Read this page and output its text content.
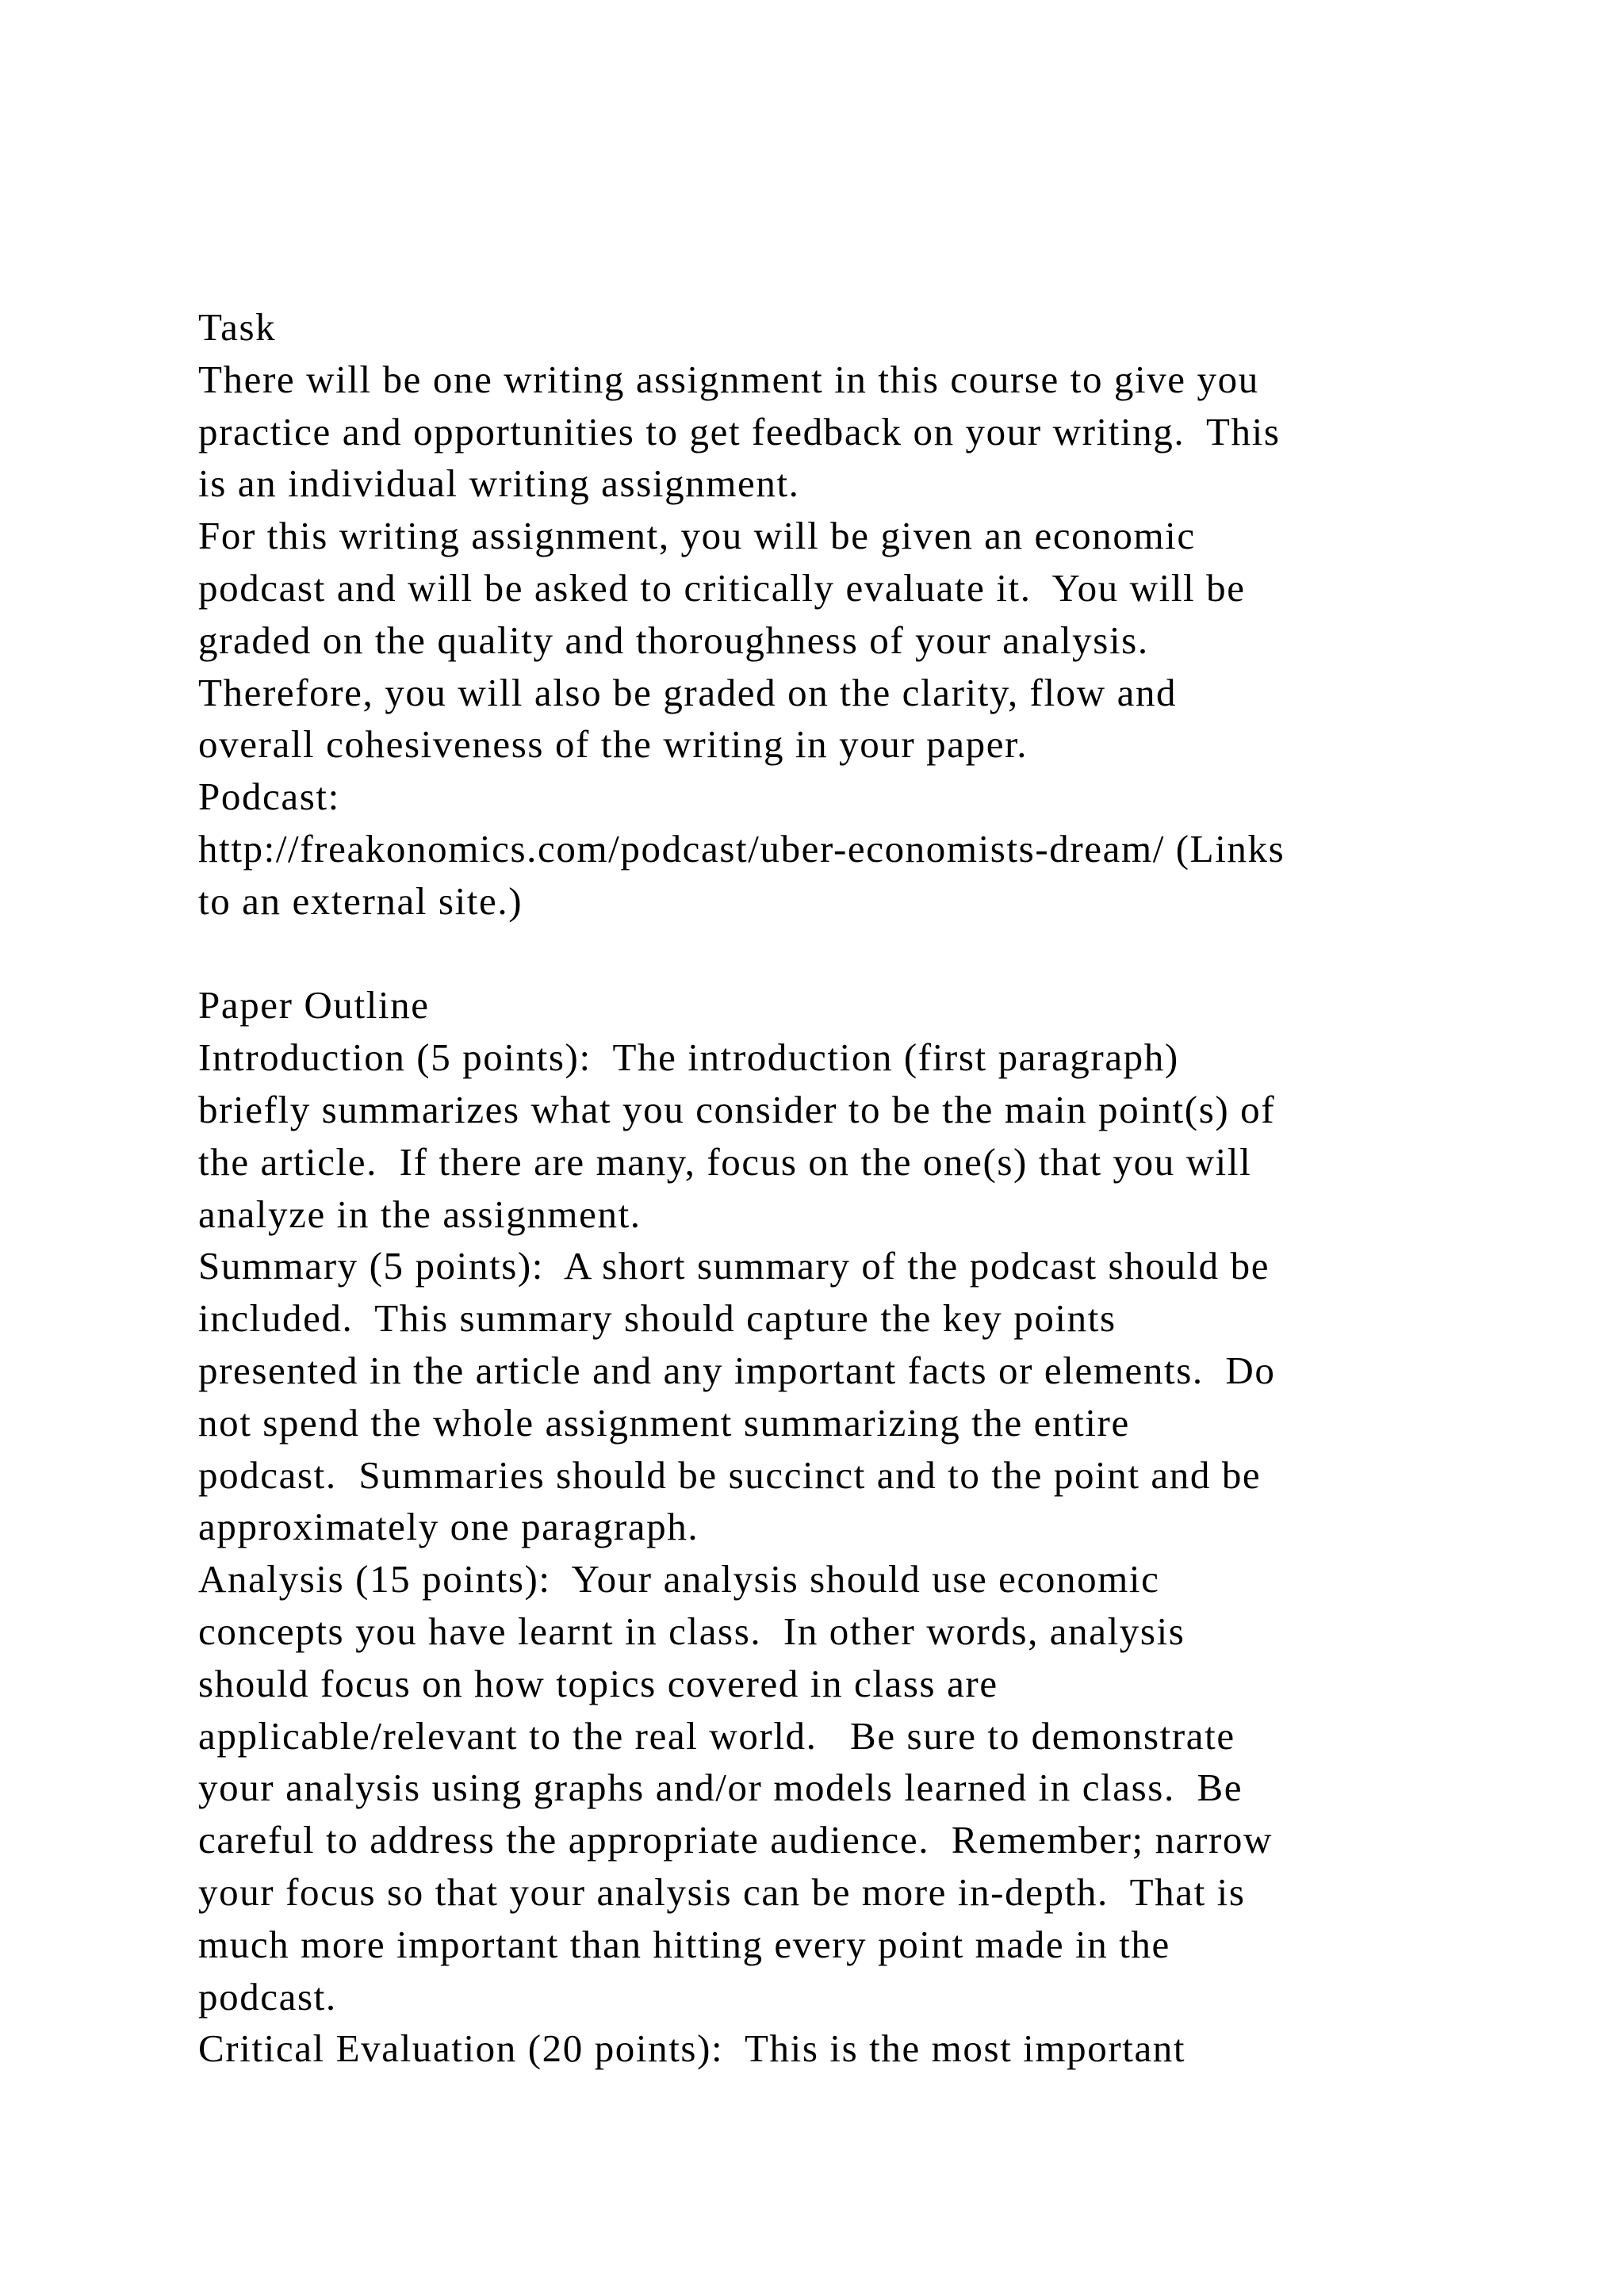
Task
There will be one writing assignment in this course to give you
practice and opportunities to get feedback on your writing.  This
is an individual writing assignment.
For this writing assignment, you will be given an economic
podcast and will be asked to critically evaluate it.  You will be
graded on the quality and thoroughness of your analysis.
Therefore, you will also be graded on the clarity, flow and
overall cohesiveness of the writing in your paper.
Podcast:
http://freakonomics.com/podcast/uber-economists-dream/ (Links
to an external site.)
Paper Outline
Introduction (5 points):  The introduction (first paragraph)
briefly summarizes what you consider to be the main point(s) of
the article.  If there are many, focus on the one(s) that you will
analyze in the assignment.
Summary (5 points):  A short summary of the podcast should be
included.  This summary should capture the key points
presented in the article and any important facts or elements.  Do
not spend the whole assignment summarizing the entire
podcast.  Summaries should be succinct and to the point and be
approximately one paragraph.
Analysis (15 points):  Your analysis should use economic
concepts you have learnt in class.  In other words, analysis
should focus on how topics covered in class are
applicable/relevant to the real world.   Be sure to demonstrate
your analysis using graphs and/or models learned in class.  Be
careful to address the appropriate audience.  Remember; narrow
your focus so that your analysis can be more in-depth.  That is
much more important than hitting every point made in the
podcast.
Critical Evaluation (20 points):  This is the most important
